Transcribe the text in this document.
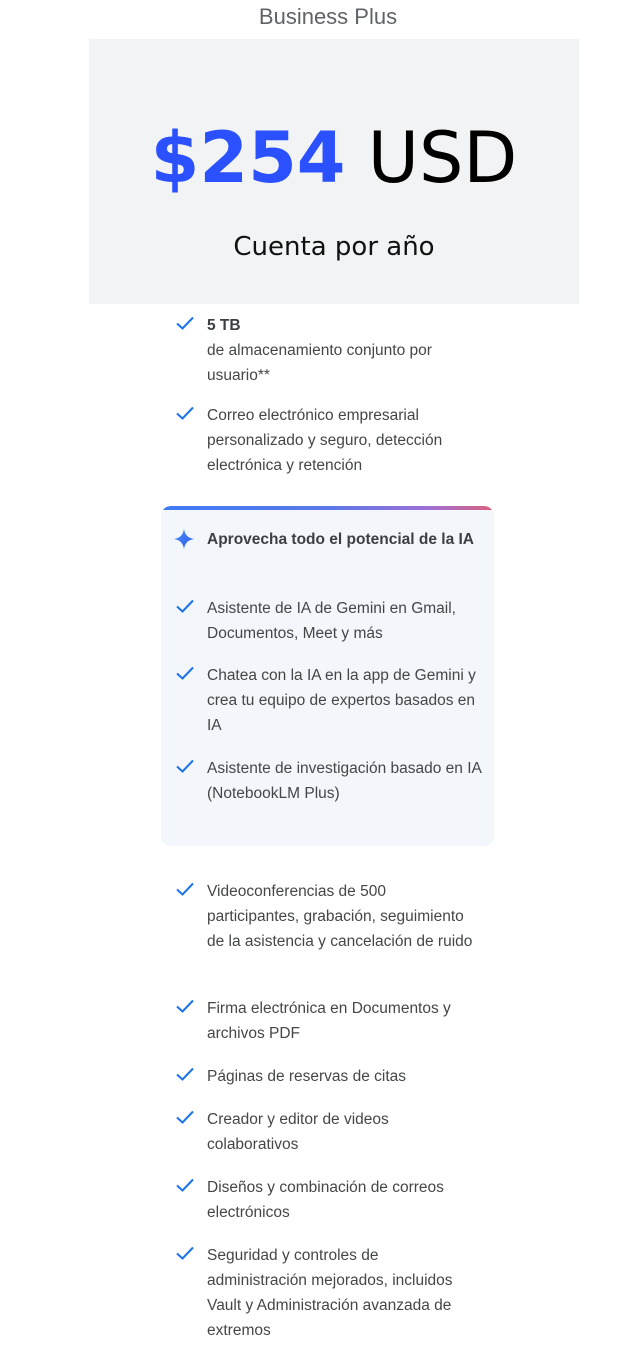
Business Plus
$254 USD
Cuenta por año
5 TB
de almacenamiento conjunto por usuario**
Correo electrónico empresarial personalizado y seguro, detección electrónica y retención
Aprovecha todo el potencial de la IA
Asistente de IA de Gemini en Gmail, Documentos, Meet y más
Chatea con la IA en la app de Gemini y crea tu equipo de expertos basados en IA
Asistente de investigación basado en IA (NotebookLM Plus)
Videoconferencias de 500 participantes, grabación, seguimiento de la asistencia y cancelación de ruido
Firma electrónica en Documentos y archivos PDF
Páginas de reservas de citas
Creador y editor de videos colaborativos
Diseños y combinación de correos electrónicos
Seguridad y controles de administración mejorados, incluidos Vault y Administración avanzada de extremos
